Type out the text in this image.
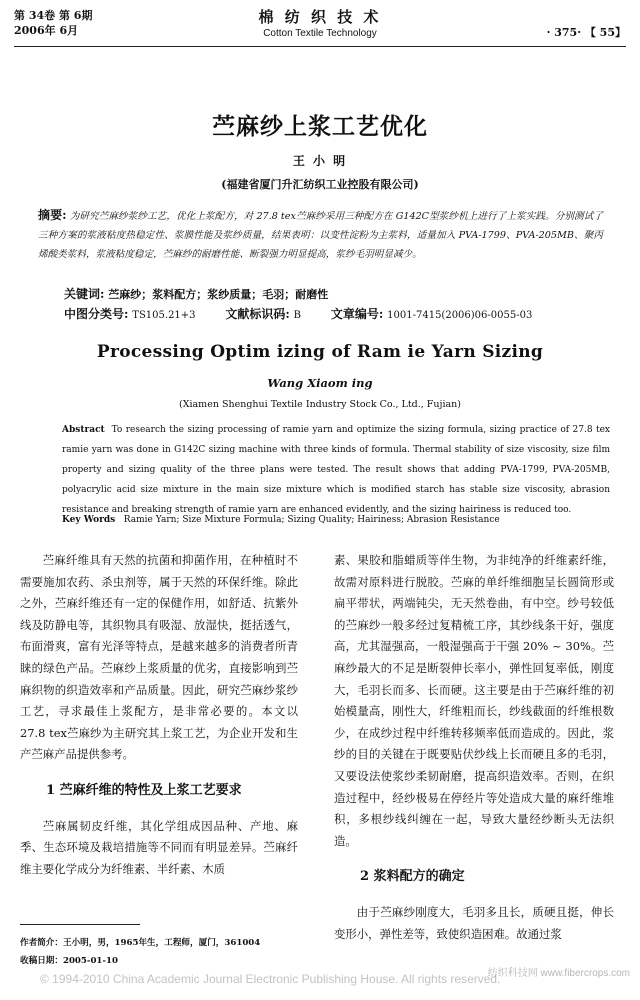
第 34卷 第 6期
2006年 6月
棉 纺 织 技 术
Cotton Textile Technology	· 375· 【 55】
苎麻纱上浆工艺优化
王 小 明
(福建省厦门升汇纺织工业控股有限公司)
摘要: 为研究苎麻纱浆纱工艺，优化上浆配方，对 27.8 tex苎麻纱采用三种配方在 G142C型浆纱机上进行了上浆实践。分别测试了三种方案的浆液粘度热稳定性、浆膜性能及浆纱质量，结果表明：以变性淀粉为主浆料，适量加入 PVA-1799、PVA-205MB、聚丙烯酸类浆料，浆液粘度稳定，苎麻纱的耐磨性能、断裂强力明显提高，浆纱毛羽明显减少。
关键词: 苎麻纱；浆料配方；浆纱质量；毛羽；耐磨性
中图分类号: TS105.21+3 文献标识码: B 文章编号: 1001-7415(2006)06-0055-03
Processing Optim izing of Ram ie Yarn Sizing
Wang Xiaom ing
(Xiamen Shenghui Textile Industry Stock Co., Ltd., Fujian)
Abstract To research the sizing processing of ramie yarn and optimize the sizing formula, sizing practice of 27.8 tex ramie yarn was done in G142C sizing machine with three kinds of formula. Thermal stability of size viscosity, size film property and sizing quality of the three plans were tested. The result shows that adding PVA-1799, PVA-205MB, polyacrylic acid size mixture in the main size mixture which is modified starch has stable size viscosity, abrasion resistance and breaking strength of ramie yarn are enhanced evidently, and the sizing hairiness is reduced too.
Key Words Ramie Yarn; Size Mixture Formula; Sizing Quality; Hairiness; Abrasion Resistance

苎麻纤维具有天然的抗菌和抑菌作用，在种植时不需要施加农药、杀虫剂等，属于天然的环保纤维。除此之外，苎麻纤维还有一定的保健作用，如舒适、抗紫外线及防静电等，其织物具有吸湿、放湿快，挺括透气，布面滑爽，富有光泽等特点，是越来越多的消费者所青睐的绿色产品。苎麻纱上浆质量的优劣，直接影响到苎麻织物的织造效率和产品质量。因此，研究苎麻纱浆纱工艺，寻求最佳上浆配方，是非常必要的。本文以 27.8 tex苎麻纱为主研究其上浆工艺，为企业开发和生产苎麻产品提供参考。

1 苎麻纤维的特性及上浆工艺要求

苎麻属韧皮纤维，其化学组成因品种、产地、麻季、生态环境及栽培措施等不同而有明显差异。苎麻纤维主要化学成分为纤维素、半纤素、木质

素、果胶和脂蜡质等伴生物，为非纯净的纤维素纤维，故需对原料进行脱胶。苎麻的单纤维细胞呈长圆筒形或扁平带状，两端钝尖，无天然卷曲，有中空。纱号较低的苎麻纱一般多经过复精梳工序，其纱线条干好，强度高，尤其湿强高，一般湿强高于干强 20% ~ 30%。苎麻纱最大的不足是断裂伸长率小，弹性回复率低，刚度大，毛羽长而多、长而硬。这主要是由于苎麻纤维的初始模量高，刚性大，纤维粗而长，纱线截面的纤维根数少，在成纱过程中纤维转移频率低而造成的。因此，浆纱的目的关键在于既要贴伏纱线上长而硬且多的毛羽，又要设法使浆纱柔韧耐磨，提高织造效率。否则，在织造过程中，经纱极易在停经片等处造成大量的麻纤维堆积，多根纱线纠缠在一起，导致大量经纱断头无法织造。

2 浆料配方的确定

由于苎麻纱刚度大，毛羽多且长，质硬且挺，伸长变形小，弹性差等，致使织造困难。故通过浆

作者简介：王小明，男，1965年生，工程师，厦门，361004
收稿日期：2005-01-10
© 1994-2010 China Academic Journal Electronic Publishing House. All rights reserved.
纺织科技网 www.fibercrops.com
